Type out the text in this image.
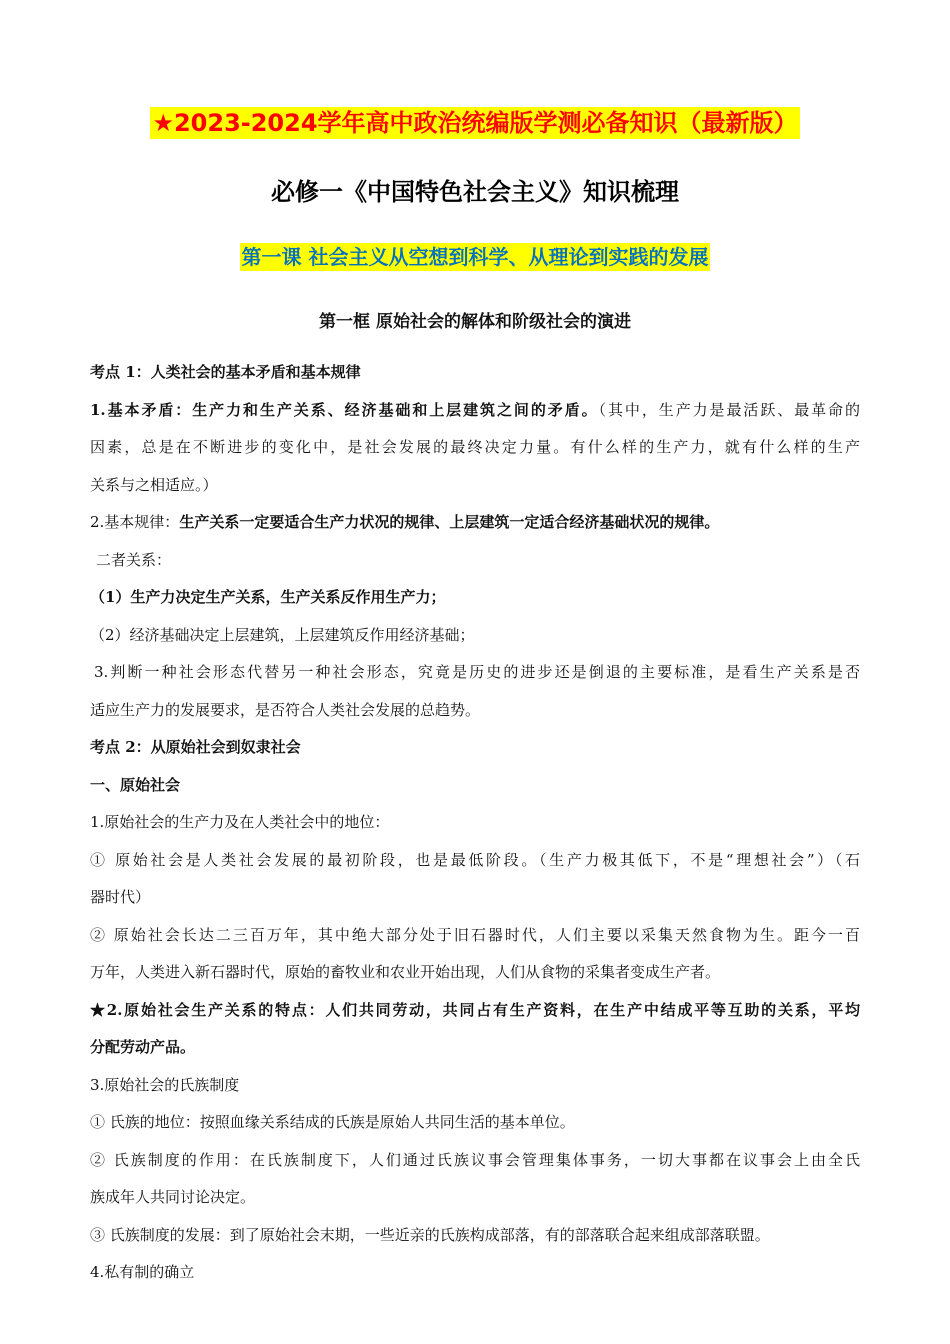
★2023-2024学年高中政治统编版学测必备知识（最新版）
必修一《中国特色社会主义》知识梳理
第一课 社会主义从空想到科学、从理论到实践的发展
第一框 原始社会的解体和阶级社会的演进
考点 1：人类社会的基本矛盾和基本规律
1.基本矛盾：生产力和生产关系、经济基础和上层建筑之间的矛盾。（其中，生产力是最活跃、最革命的
因素，总是在不断进步的变化中，是社会发展的最终决定力量。有什么样的生产力，就有什么样的生产
关系与之相适应。）
2.基本规律：生产关系一定要适合生产力状况的规律、上层建筑一定适合经济基础状况的规律。
二者关系：
（1）生产力决定生产关系，生产关系反作用生产力；
（2）经济基础决定上层建筑，上层建筑反作用经济基础；
3.判断一种社会形态代替另一种社会形态，究竟是历史的进步还是倒退的主要标准，是看生产关系是否
适应生产力的发展要求，是否符合人类社会发展的总趋势。
考点 2：从原始社会到奴隶社会
一、原始社会
1.原始社会的生产力及在人类社会中的地位：
① 原始社会是人类社会发展的最初阶段，也是最低阶段。（生产力极其低下，不是“理想社会”）（石
器时代）
② 原始社会长达二三百万年，其中绝大部分处于旧石器时代，人们主要以采集天然食物为生。距今一百
万年，人类进入新石器时代，原始的畜牧业和农业开始出现，人们从食物的采集者变成生产者。
★2.原始社会生产关系的特点：人们共同劳动，共同占有生产资料，在生产中结成平等互助的关系，平均
分配劳动产品。
3.原始社会的氏族制度
① 氏族的地位：按照血缘关系结成的氏族是原始人共同生活的基本单位。
② 氏族制度的作用：在氏族制度下，人们通过氏族议事会管理集体事务，一切大事都在议事会上由全氏
族成年人共同讨论决定。
③ 氏族制度的发展：到了原始社会末期，一些近亲的氏族构成部落，有的部落联合起来组成部落联盟。
4.私有制的确立
